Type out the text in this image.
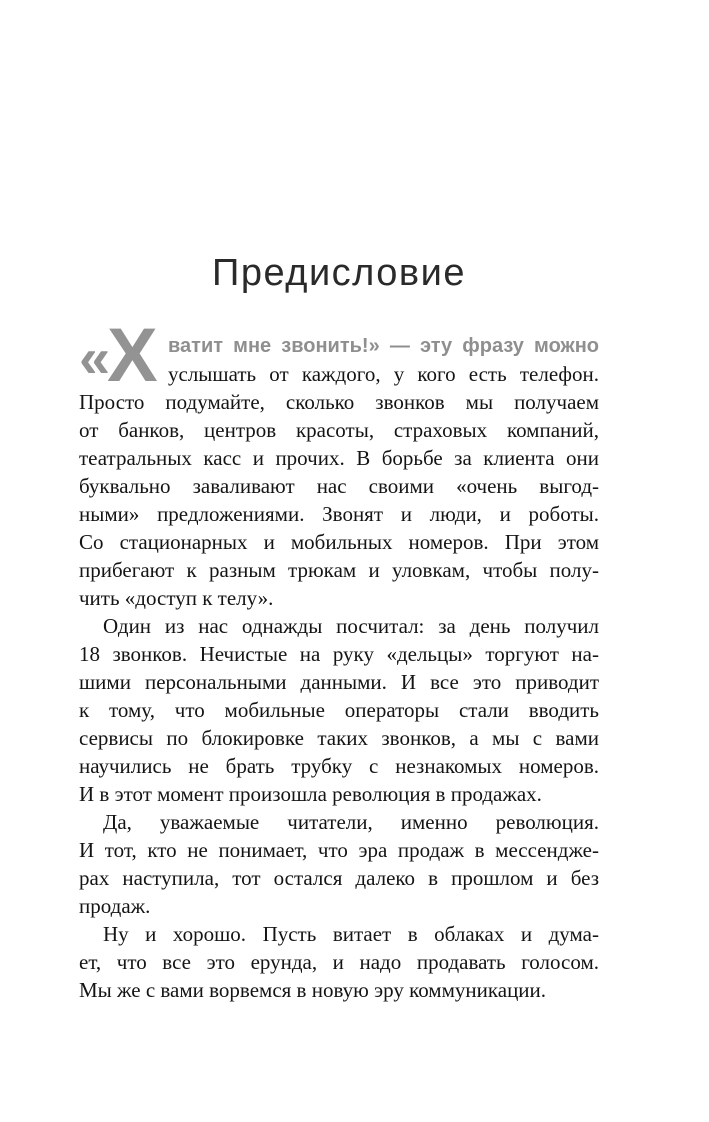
Предисловие
«
Х ватит мне звонить!» — эту фразу можно
услышать от каждого, у кого есть телефон.
Просто подумайте, сколько звонков мы получаем
от банков, центров красоты, страховых компаний,
театральных касс и прочих. В борьбе за клиента они
буквально заваливают нас своими «очень выгод-
ными» предложениями. Звонят и люди, и роботы.
Со стационарных и мобильных номеров. При этом
прибегают к разным трюкам и уловкам, чтобы полу-
чить «доступ к телу».
Один из нас однажды посчитал: за день получил
18 звонков. Нечистые на руку «дельцы» торгуют на-
шими персональными данными. И все это приводит
к тому, что мобильные операторы стали вводить
сервисы по блокировке таких звонков, а мы с вами
научились не брать трубку с незнакомых номеров.
И в этот момент произошла революция в продажах.
Да, уважаемые читатели, именно революция.
И тот, кто не понимает, что эра продаж в мессендже-
рах наступила, тот остался далеко в прошлом и без
продаж.
Ну и хорошо. Пусть витает в облаках и дума-
ет, что все это ерунда, и надо продавать голосом.
Мы же с вами ворвемся в новую эру коммуникации.
